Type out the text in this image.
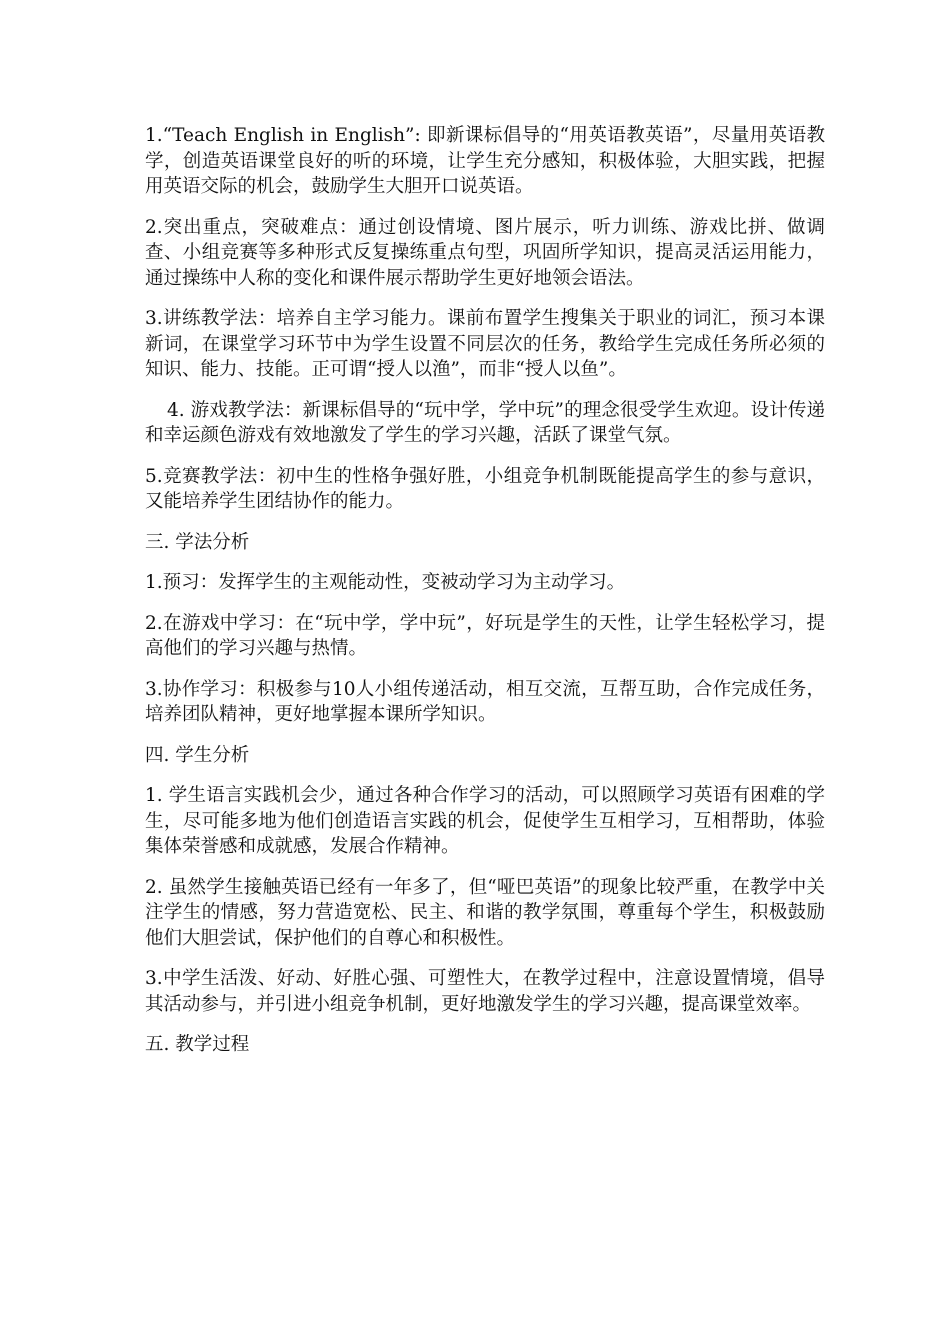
1.“Teach English in English”: 即新课标倡导的“用英语教英语”，尽量用英语教学，创造英语课堂良好的听的环境，让学生充分感知，积极体验，大胆实践，把握用英语交际的机会，鼓励学生大胆开口说英语。

2.突出重点，突破难点：通过创设情境、图片展示，听力训练、游戏比拼、做调查、小组竞赛等多种形式反复操练重点句型，巩固所学知识，提高灵活运用能力，通过操练中人称的变化和课件展示帮助学生更好地领会语法。

3.讲练教学法：培养自主学习能力。课前布置学生搜集关于职业的词汇，预习本课新词，在课堂学习环节中为学生设置不同层次的任务，教给学生完成任务所必须的知识、能力、技能。正可谓“授人以渔”，而非“授人以鱼”。

4. 游戏教学法：新课标倡导的“玩中学，学中玩”的理念很受学生欢迎。设计传递和幸运颜色游戏有效地激发了学生的学习兴趣，活跃了课堂气氛。

5.竞赛教学法：初中生的性格争强好胜，小组竞争机制既能提高学生的参与意识，又能培养学生团结协作的能力。

三. 学法分析

1.预习：发挥学生的主观能动性，变被动学习为主动学习。

2.在游戏中学习：在“玩中学，学中玩”，好玩是学生的天性，让学生轻松学习，提高他们的学习兴趣与热情。

3.协作学习：积极参与10人小组传递活动，相互交流，互帮互助，合作完成任务，培养团队精神，更好地掌握本课所学知识。

四. 学生分析

1. 学生语言实践机会少，通过各种合作学习的活动，可以照顾学习英语有困难的学生，尽可能多地为他们创造语言实践的机会，促使学生互相学习，互相帮助，体验集体荣誉感和成就感，发展合作精神。

2. 虽然学生接触英语已经有一年多了，但“哑巴英语”的现象比较严重，在教学中关注学生的情感，努力营造宽松、民主、和谐的教学氛围，尊重每个学生，积极鼓励他们大胆尝试，保护他们的自尊心和积极性。

3.中学生活泼、好动、好胜心强、可塑性大，在教学过程中，注意设置情境，倡导其活动参与，并引进小组竞争机制，更好地激发学生的学习兴趣，提高课堂效率。

五. 教学过程
